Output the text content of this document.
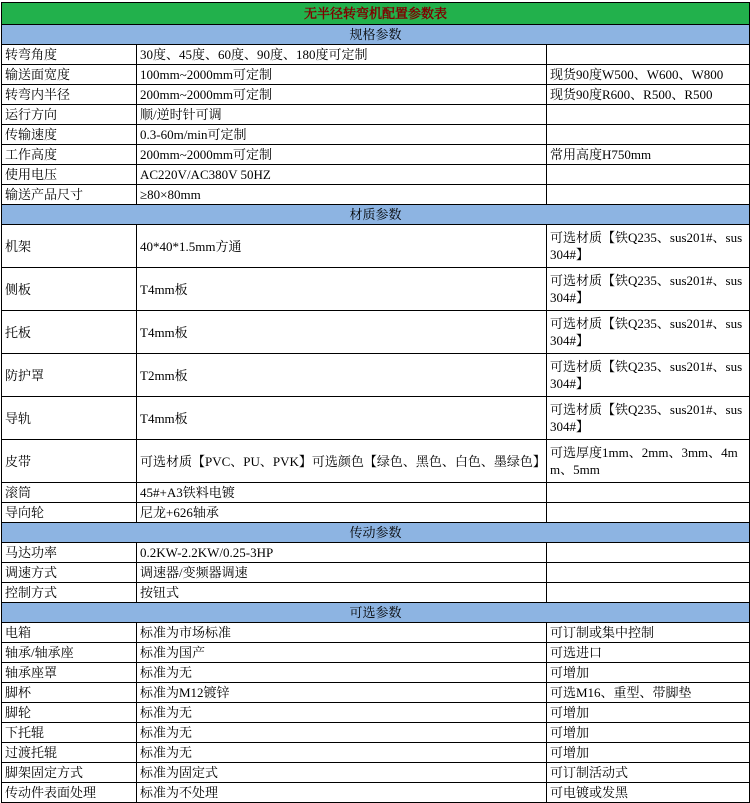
无半径转弯机配置参数表		
规格参数		
转弯角度	30度、45度、60度、90度、180度可定制	
输送面宽度	100mm~2000mm可定制	现货90度W500、W600、W800
转弯内半径	200mm~2000mm可定制	现货90度R600、R500、R500
运行方向	顺/逆时针可调	
传输速度	0.3-60m/min可定制	
工作高度	200mm~2000mm可定制	常用高度H750mm
使用电压	AC220V/AC380V 50HZ	
输送产品尺寸	≥80×80mm	
材质参数		
机架	40*40*1.5mm方通	可选材质【铁Q235、sus201#、sus304#】
侧板	T4mm板	可选材质【铁Q235、sus201#、sus304#】
托板	T4mm板	可选材质【铁Q235、sus201#、sus304#】
防护罩	T2mm板	可选材质【铁Q235、sus201#、sus304#】
导轨	T4mm板	可选材质【铁Q235、sus201#、sus304#】
皮带	可选材质【PVC、PU、PVK】可选颜色【绿色、黑色、白色、墨绿色】	可选厚度1mm、2mm、3mm、4mm、5mm
滚筒	45#+A3铁料电镀	
导向轮	尼龙+626轴承	
传动参数		
马达功率	0.2KW-2.2KW/0.25-3HP	
调速方式	调速器/变频器调速	
控制方式	按钮式	
可选参数		
电箱	标准为市场标准	可订制或集中控制
轴承/轴承座	标准为国产	可选进口
轴承座罩	标准为无	可增加
脚杯	标准为M12镀锌	可选M16、重型、带脚垫
脚轮	标准为无	可增加
下托辊	标准为无	可增加
过渡托辊	标准为无	可增加
脚架固定方式	标准为固定式	可订制活动式
传动件表面处理	标准为不处理	可电镀或发黑
